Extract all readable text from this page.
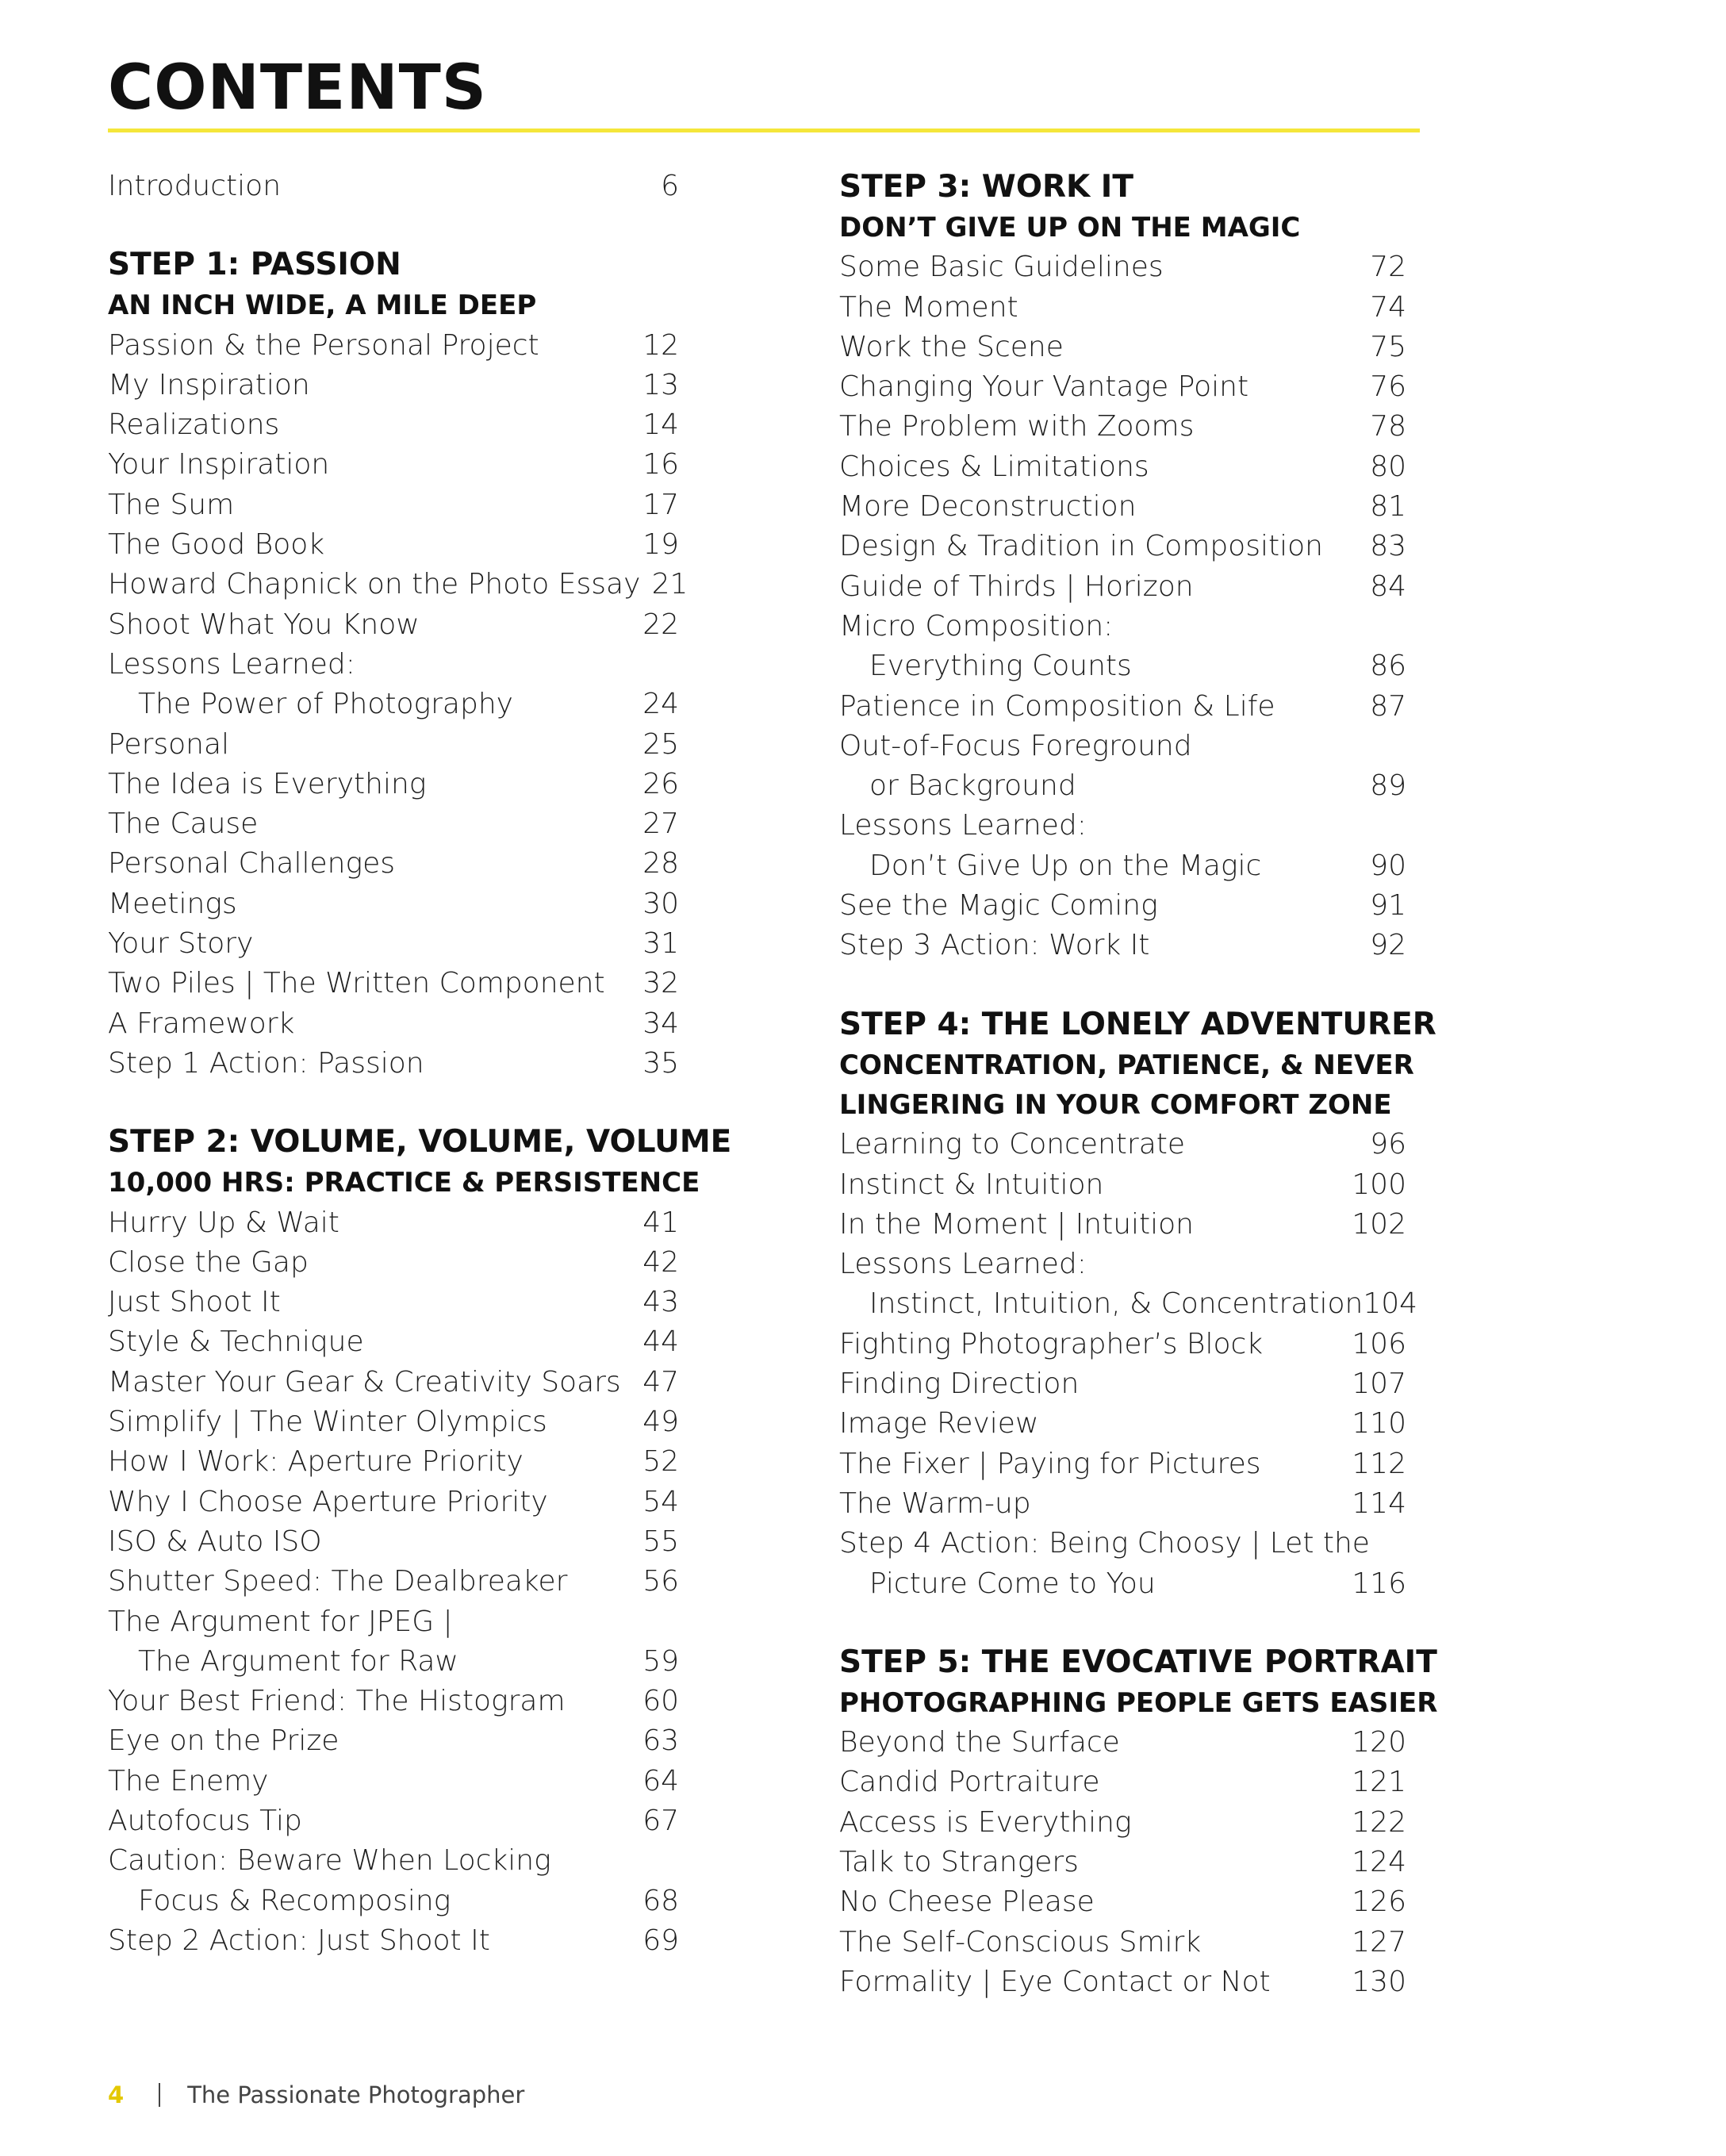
CONTENTS
Introduction	6
STEP 1: PASSION
AN INCH WIDE, A MILE DEEP
Passion & the Personal Project	12
My Inspiration	13
Realizations	14
Your Inspiration	16
The Sum	17
The Good Book	19
Howard Chapnick on the Photo Essay 21
Shoot What You Know	22
Lessons Learned:
The Power of Photography	24
Personal	25
The Idea is Everything	26
The Cause	27
Personal Challenges	28
Meetings	30
Your Story	31
Two Piles | The Written Component	32
A Framework	34
Step 1 Action: Passion	35
STEP 2: VOLUME, VOLUME, VOLUME
10,000 HRS: PRACTICE & PERSISTENCE
Hurry Up & Wait	41
Close the Gap	42
Just Shoot It	43
Style & Technique	44
Master Your Gear & Creativity Soars 47
Simplify | The Winter Olympics	49
How I Work: Aperture Priority	52
Why I Choose Aperture Priority	54
ISO & Auto ISO	55
Shutter Speed: The Dealbreaker	56
The Argument for JPEG |
The Argument for Raw	59
Your Best Friend: The Histogram	60
Eye on the Prize	63
The Enemy	64
Autofocus Tip	67
Caution: Beware When Locking
Focus & Recomposing	68
Step 2 Action: Just Shoot It	69
STEP 3: WORK IT
DON’T GIVE UP ON THE MAGIC
Some Basic Guidelines	72
The Moment	74
Work the Scene	75
Changing Your Vantage Point	76
The Problem with Zooms	78
Choices & Limitations	80
More Deconstruction	81
Design & Tradition in Composition	83
Guide of Thirds | Horizon	84
Micro Composition:
Everything Counts	86
Patience in Composition & Life	87
Out-of-Focus Foreground
or Background	89
Lessons Learned:
Don’t Give Up on the Magic	90
See the Magic Coming	91
Step 3 Action: Work It	92
STEP 4: THE LONELY ADVENTURER
CONCENTRATION, PATIENCE, & NEVER
LINGERING IN YOUR COMFORT ZONE
Learning to Concentrate	96
Instinct & Intuition	100
In the Moment | Intuition	102
Lessons Learned:
Instinct, Intuition, & Concentration 104
Fighting Photographer’s Block	106
Finding Direction	107
Image Review	110
The Fixer | Paying for Pictures	112
The Warm-up	114
Step 4 Action: Being Choosy | Let the
Picture Come to You	116
STEP 5: THE EVOCATIVE PORTRAIT
PHOTOGRAPHING PEOPLE GETS EASIER
Beyond the Surface	120
Candid Portraiture	121
Access is Everything	122
Talk to Strangers	124
No Cheese Please	126
The Self-Conscious Smirk	127
Formality | Eye Contact or Not	130
4	The Passionate Photographer
